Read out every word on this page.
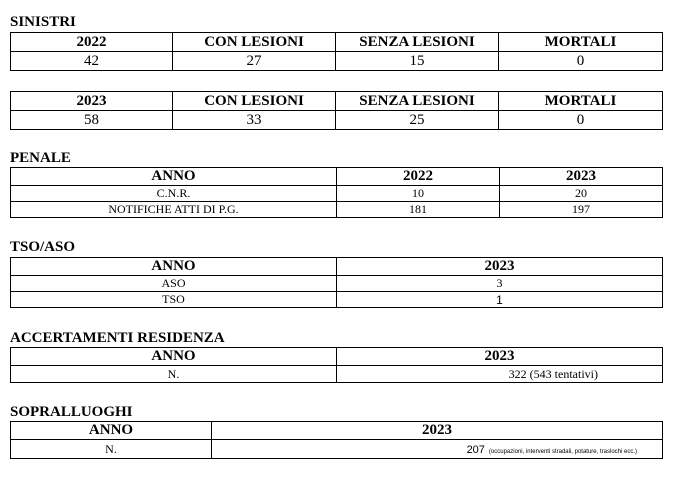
SINISTRI
2022	CON LESIONI	SENZA LESIONI	MORTALI
42	27	15	0
2023	CON LESIONI	SENZA LESIONI	MORTALI
58	33	25	0
PENALE
ANNO	2022	2023
C.N.R.	10	20
NOTIFICHE ATTI DI P.G.	181	197
TSO/ASO
ANNO	2023
ASO	3
TSO	1
ACCERTAMENTI RESIDENZA
ANNO	2023
N.	322 (543 tentativi)
SOPRALLUOGHI
ANNO	2023
N.	207 (occupazioni, interventi stradali, potature, traslochi ecc.)
